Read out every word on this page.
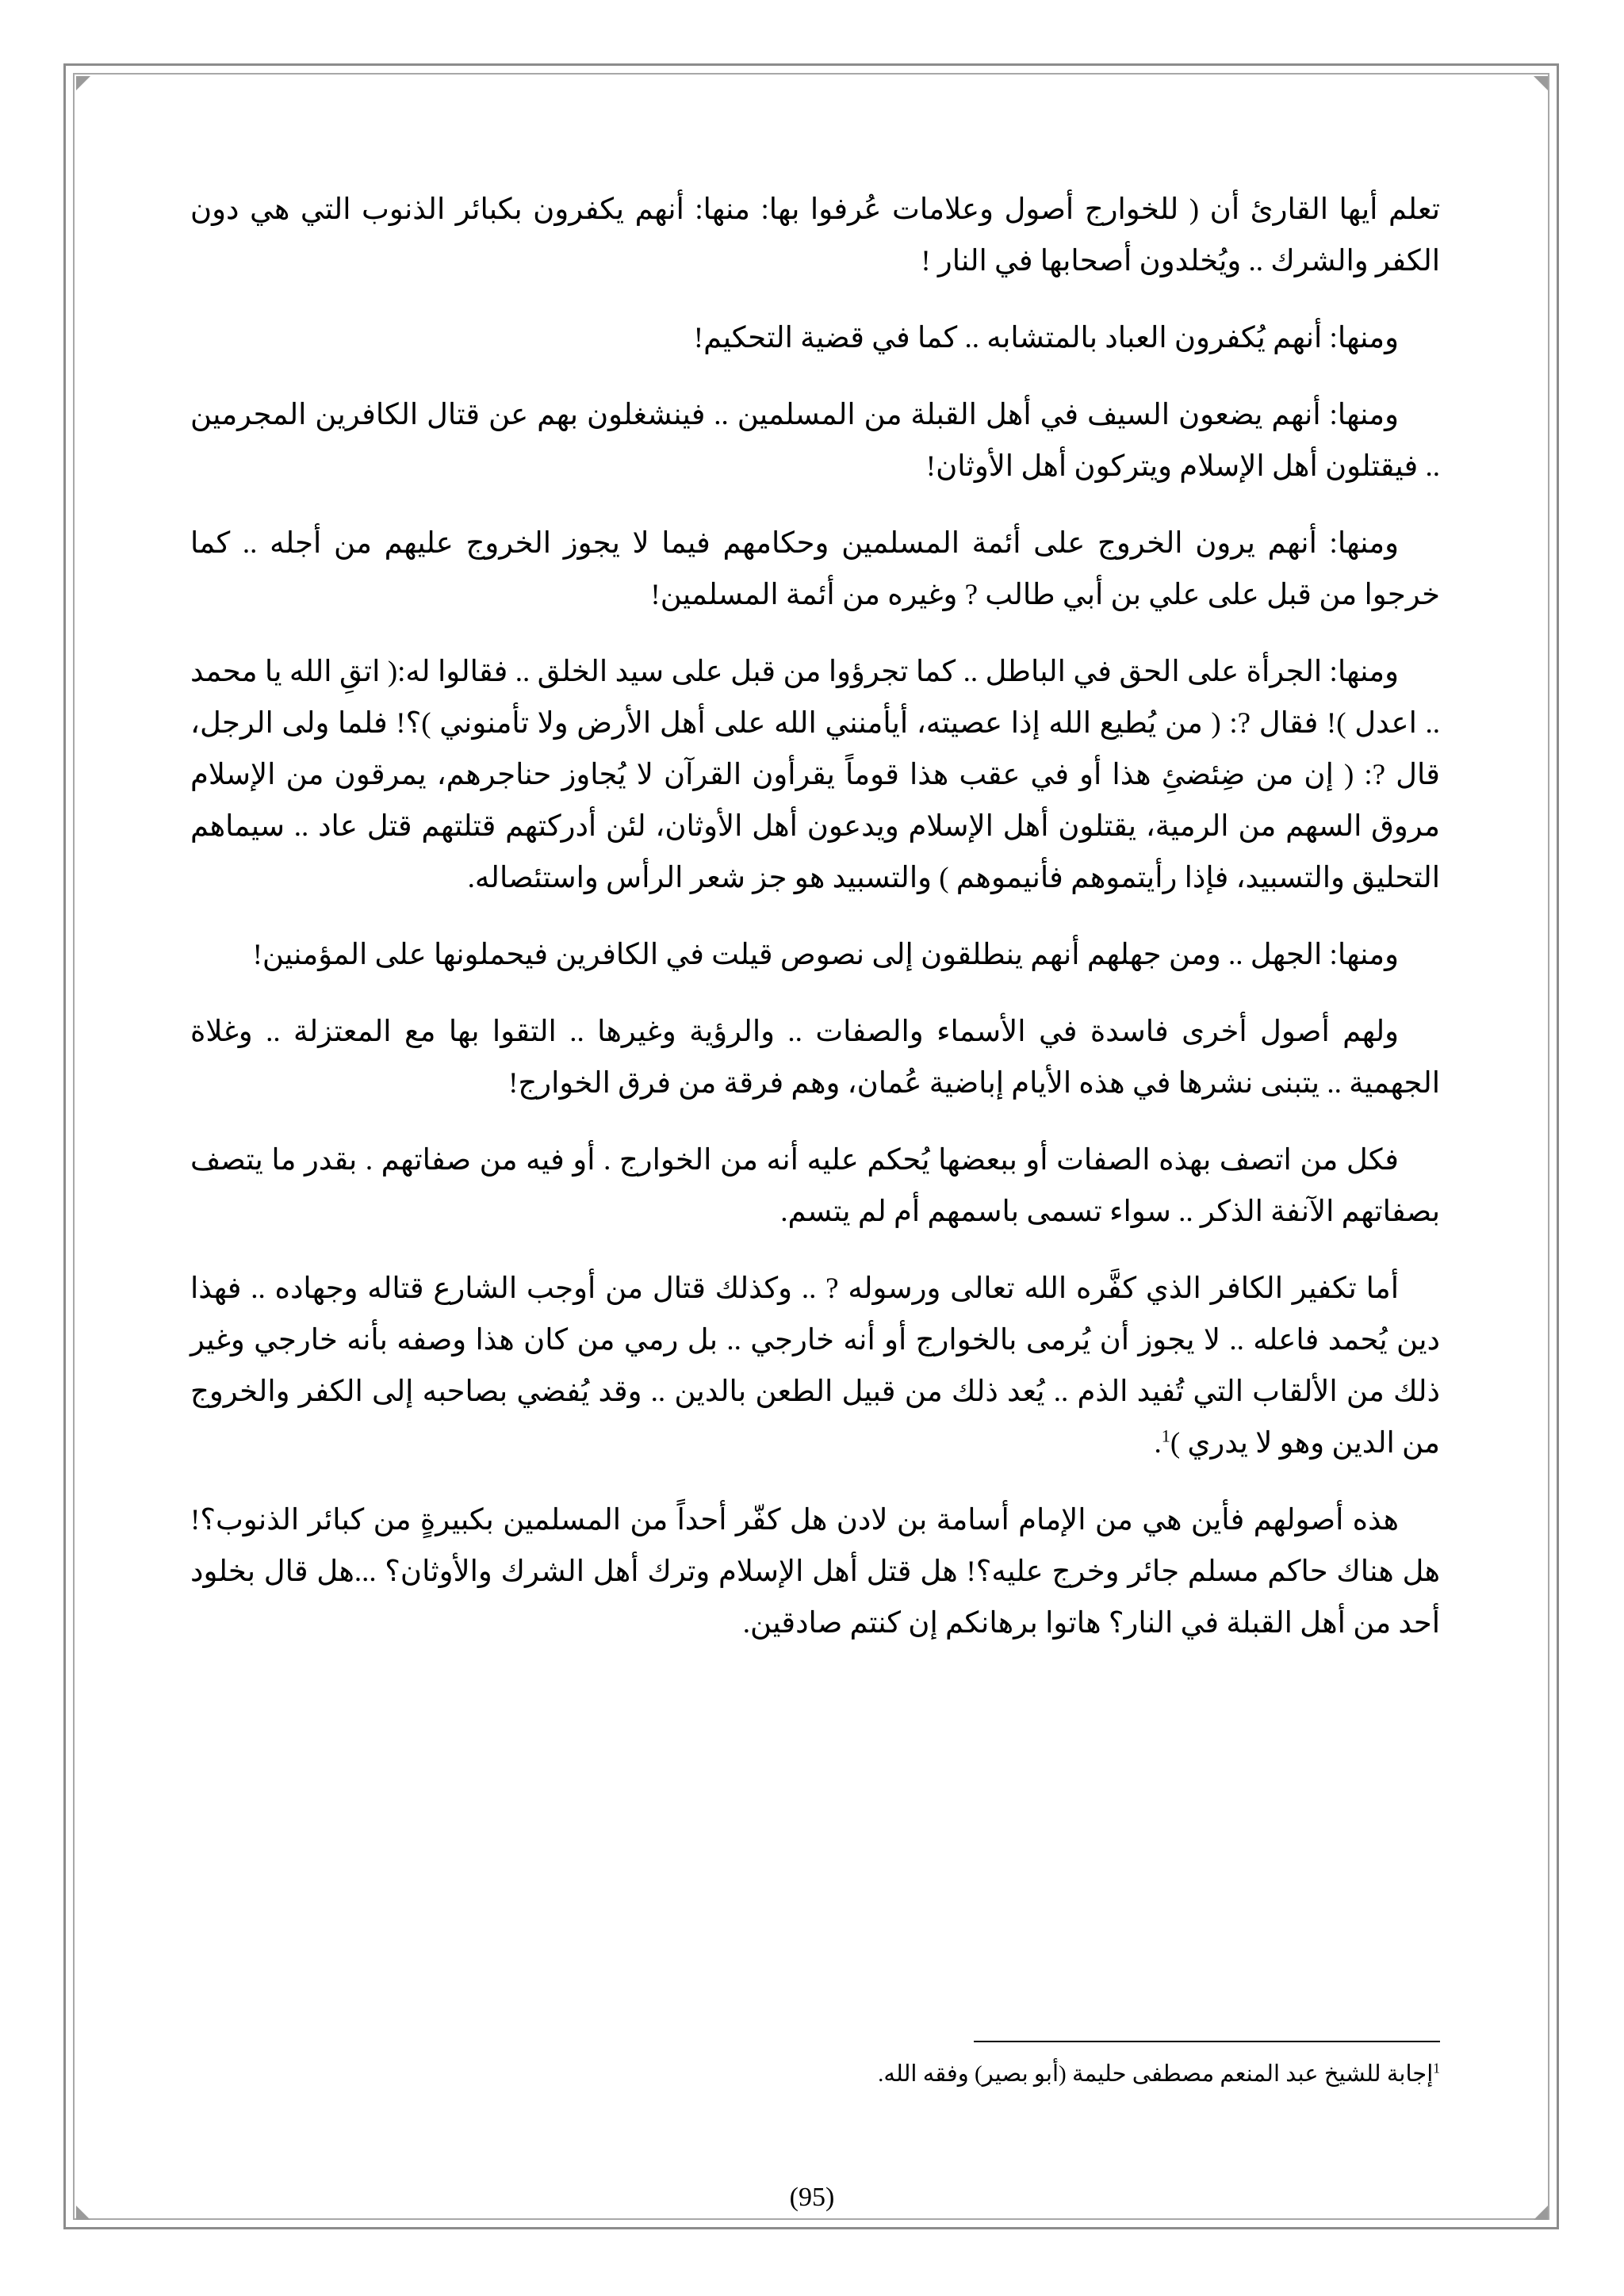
تعلم أيها القارئ أن ( للخوارج أصول وعلامات عُرفوا بها: منها: أنهم يكفرون بكبائر الذنوب التي هي دون الكفر والشرك .. ويُخلدون أصحابها في النار !

ومنها: أنهم يُكفرون العباد بالمتشابه .. كما في قضية التحكيم!

ومنها: أنهم يضعون السيف في أهل القبلة من المسلمين .. فينشغلون بهم عن قتال الكافرين المجرمين .. فيقتلون أهل الإسلام ويتركون أهل الأوثان!

ومنها: أنهم يرون الخروج على أئمة المسلمين وحكامهم فيما لا يجوز الخروج عليهم من أجله .. كما خرجوا من قبل على علي بن أبي طالب ? وغيره من أئمة المسلمين!

ومنها: الجرأة على الحق في الباطل .. كما تجرؤوا من قبل على سيد الخلق .. فقالوا له:( اتقِ الله يا محمد .. اعدل )! فقال ?: ( من يُطيع الله إذا عصيته، أيأمنني الله على أهل الأرض ولا تأمنوني )؟! فلما ولى الرجل، قال ?: ( إن من ضِئضئِ هذا أو في عقب هذا قوماً يقرأون القرآن لا يُجاوز حناجرهم، يمرقون من الإسلام مروق السهم من الرمية، يقتلون أهل الإسلام ويدعون أهل الأوثان، لئن أدركتهم قتلتهم قتل عاد .. سيماهم التحليق والتسبيد، فإذا رأيتموهم فأنيموهم ) والتسبيد هو جز شعر الرأس واستئصاله.

ومنها: الجهل .. ومن جهلهم أنهم ينطلقون إلى نصوص قيلت في الكافرين فيحملونها على المؤمنين!

ولهم أصول أخرى فاسدة في الأسماء والصفات .. والرؤية وغيرها .. التقوا بها مع المعتزلة .. وغلاة الجهمية .. يتبنى نشرها في هذه الأيام إباضية عُمان، وهم فرقة من فرق الخوارج!

فكل من اتصف بهذه الصفات أو ببعضها يُحكم عليه أنه من الخوارج . أو فيه من صفاتهم . بقدر ما يتصف بصفاتهم الآنفة الذكر .. سواء تسمى باسمهم أم لم يتسم.

أما تكفير الكافر الذي كفَّره الله تعالى ورسوله ? .. وكذلك قتال من أوجب الشارع قتاله وجهاده .. فهذا دين يُحمد فاعله .. لا يجوز أن يُرمى بالخوارج أو أنه خارجي .. بل رمي من كان هذا وصفه بأنه خارجي وغير ذلك من الألقاب التي تُفيد الذم .. يُعد ذلك من قبيل الطعن بالدين .. وقد يُفضي بصاحبه إلى الكفر والخروج من الدين وهو لا يدري )$^1$.

هذه أصولهم فأين هي من الإمام أسامة بن لادن هل كفّر أحداً من المسلمين بكبيرةٍ من كبائر الذنوب؟! هل هناك حاكم مسلم جائر وخرج عليه؟! هل قتل أهل الإسلام وترك أهل الشرك والأوثان؟ ...هل قال بخلود أحد من أهل القبلة في النار؟ هاتوا برهانكم إن كنتم صادقين.

$^1$إجابة للشيخ عبد المنعم مصطفى حليمة (أبو بصير) وفقه الله.
(95)
